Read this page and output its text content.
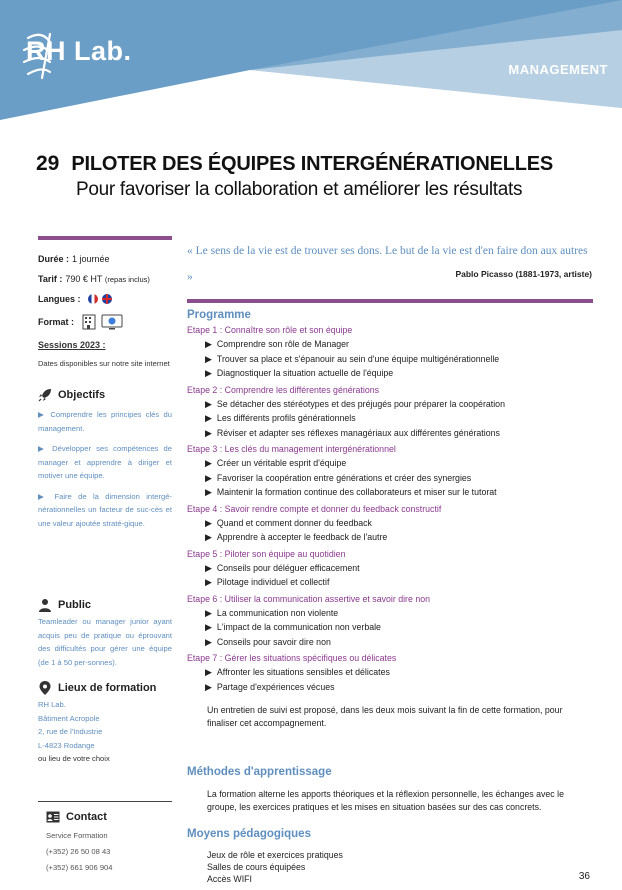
RH Lab.
MANAGEMENT
29 PILOTER DES ÉQUIPES INTERGÉNÉRATIONELLES
Pour favoriser la collaboration et améliorer les résultats
Durée : 1 journée
Tarif : 790 € HT
(repas inclus)
Langues :
Format :
Sessions 2023 :
Dates disponibles sur notre site internet
Objectifs
▶ Comprendre les principes clés du management.
▶ Développer ses compétences de manager et apprendre à diriger et motiver une équipe.
▶ Faire de la dimension intergé-nérationnelles un facteur de suc-cès et une valeur ajoutée straté-gique.
Public
Teamleader ou manager junior ayant acquis peu de pratique ou éprouvant des difficultés pour gérer une équipe (de 1 à 50 per-sonnes).
Lieux de formation
RH Lab.
Bâtiment Acropole
2, rue de l'Industrie
L-4823 Rodange
ou lieu de votre choix
Contact
Service Formation
(+352) 26 50 08 43
(+352) 661 906 904
« Le sens de la vie est de trouver ses dons. Le but de la vie est d'en faire don aux autres »	Pablo Picasso (1881-1973, artiste)
Programme
Etape 1 : Connaître son rôle et son équipe
▶ Comprendre son rôle de Manager
▶ Trouver sa place et s'épanouir au sein d'une équipe multigénérationnelle
▶ Diagnostiquer la situation actuelle de l'équipe
Etape 2 : Comprendre les différentes générations
▶ Se détacher des stéréotypes et des préjugés pour préparer la coopération
▶ Les différents profils générationnels
▶ Réviser et adapter ses réflexes managériaux aux différentes générations
Etape 3 : Les clés du management intergénérationnel
▶ Créer un véritable esprit d'équipe
▶ Favoriser la coopération entre générations et créer des synergies
▶ Maintenir la formation continue des collaborateurs et miser sur le tutorat
Etape 4 : Savoir rendre compte et donner du feedback constructif
▶ Quand et comment donner du feedback
▶ Apprendre à accepter le feedback de l'autre
Etape 5 : Piloter son équipe au quotidien
▶ Conseils pour déléguer efficacement
▶ Pilotage individuel et collectif
Etape 6 : Utiliser la communication assertive et savoir dire non
▶ La communication non violente
▶ L'impact de la communication non verbale
▶ Conseils pour savoir dire non
Etape 7 : Gérer les situations spécifiques ou délicates
▶ Affronter les situations sensibles et délicates
▶ Partage d'expériences vécues
Un entretien de suivi est proposé, dans les deux mois suivant la fin de cette formation, pour finaliser cet accompagnement.
Méthodes d'apprentissage
La formation alterne les apports théoriques et la réflexion personnelle, les échanges avec le groupe, les exercices pratiques et les mises en situation basées sur des cas concrets.
Moyens pédagogiques
Jeux de rôle et exercices pratiques
Salles de cours équipées
Accès WIFI	36
